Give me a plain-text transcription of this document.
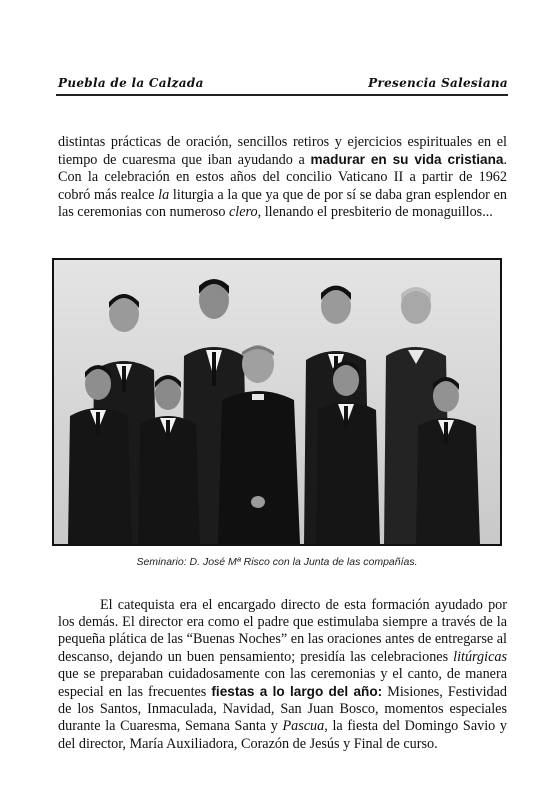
Puebla de la Calzada	Presencia Salesiana

distintas prácticas de oración, sencillos retiros y ejercicios espirituales en el tiempo de cuaresma que iban ayudando a madurar en su vida cristiana. Con la celebración en estos años del concilio Vaticano II a partir de 1962 cobró más realce la liturgia a la que ya que de por sí se daba gran esplendor en las ceremonias con numeroso clero, llenando el presbiterio de monaguillos...

Seminario: D. José Mª Risco con la Junta de las compañías.

El catequista era el encargado directo de esta formación ayudado por los demás. El director era como el padre que estimulaba siempre a través de la pequeña plática de las “Buenas Noches” en las oraciones antes de entregarse al descanso, dejando un buen pensamiento; presidía las celebraciones litúrgicas que se preparaban cuidadosamente con las ceremonias y el canto, de manera especial en las frecuentes fiestas a lo largo del año: Misiones, Festividad de los Santos, Inmaculada, Navidad, San Juan Bosco, momentos especiales durante la Cuaresma, Semana Santa y Pascua, la fiesta del Domingo Savio y del director, María Auxiliadora, Corazón de Jesús y Final de curso.
